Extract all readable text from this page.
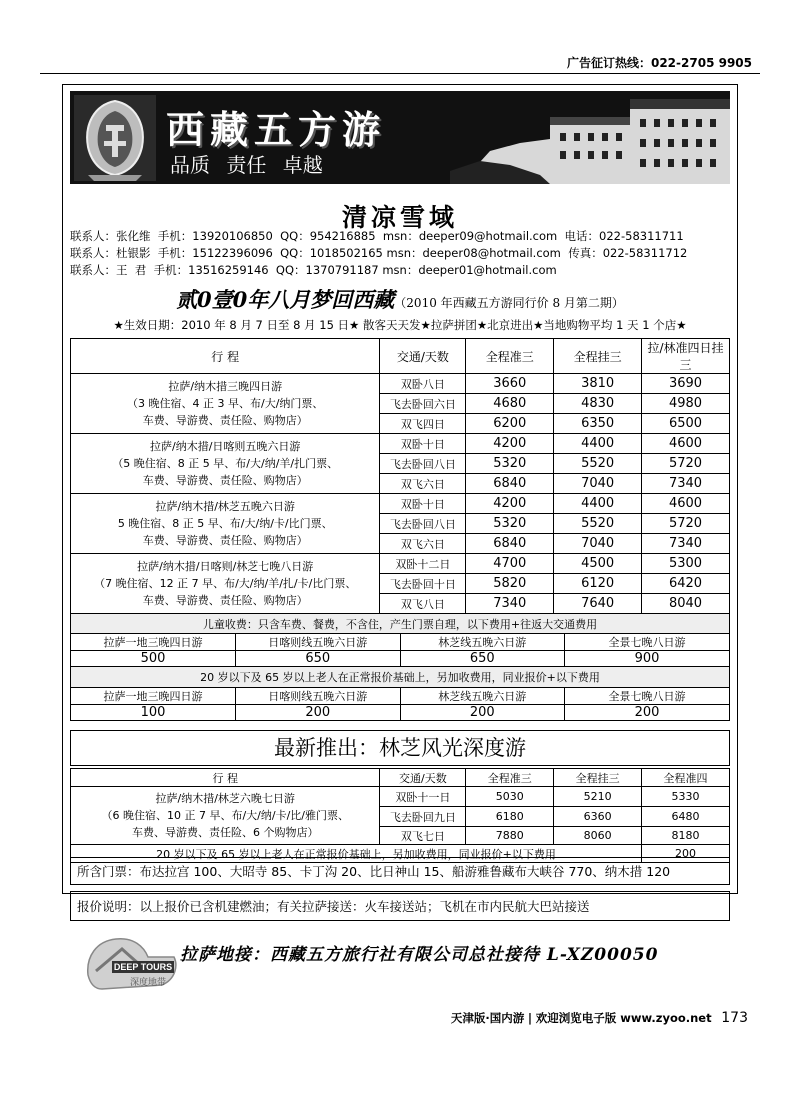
广告征订热线：022-2705 9905
西藏五方游
品质 责任 卓越
清凉雪域
联系人：张化维  手机：13920106850  QQ：954216885  msn：deeper09@hotmail.com  电话：022-58311711
联系人：杜银影  手机：15122396096  QQ：1018502165 msn：deeper08@hotmail.com  传真：022-58311712
联系人：王  君  手机：13516259146  QQ：1370791187 msn：deeper01@hotmail.com
贰0壹0年八月梦回西藏（2010 年西藏五方游同行价 8 月第二期）
★生效日期：2010 年 8 月 7 日至 8 月 15 日★ 散客天天发★拉萨拼团★北京进出★当地购物平均 1 天 1 个店★
行 程	交通/天数	全程准三	全程挂三	拉/林准四日挂三

拉萨/纳木措三晚四日游
（3 晚住宿、4 正 3 早、布/大/纳门票、
车费、导游费、责任险、购物店）
	双卧八日	3660	3810	3690
飞去卧回六日	4680	4830	4980
双飞四日	6200	6350	6500

拉萨/纳木措/日喀则五晚六日游
（5 晚住宿、8 正 5 早、布/大/纳/羊/扎门票、
车费、导游费、责任险、购物店）
	双卧十日	4200	4400	4600
飞去卧回八日	5320	5520	5720
双飞六日	6840	7040	7340

拉萨/纳木措/林芝五晚六日游
5 晚住宿、8 正 5 早、布/大/纳/卡/比门票、
车费、导游费、责任险、购物店）
	双卧十日	4200	4400	4600
飞去卧回八日	5320	5520	5720
双飞六日	6840	7040	7340

拉萨/纳木措/日喀则/林芝七晚八日游
（7 晚住宿、12 正 7 早、布/大/纳/羊/扎/卡/比门票、
车费、导游费、责任险、购物店）
	双卧十二日	4700	4500	5300
飞去卧回十日	5820	6120	6420
双飞八日	7340	7640	8040
儿童收费：只含车费、餐费，不含住，产生门票自理，以下费用+往返大交通费用

拉萨一地三晚四日游	日喀则线五晚六日游	林芝线五晚六日游	全景七晚八日游
500	650	650	900
20 岁以下及 65 岁以上老人在正常报价基础上，另加收费用，同业报价+以下费用
拉萨一地三晚四日游	日喀则线五晚六日游	林芝线五晚六日游	全景七晚八日游
100	200	200	200
最新推出：林芝风光深度游
行 程	交通/天数	全程准三	全程挂三	全程准四

拉萨/纳木措/林芝六晚七日游
（6 晚住宿、10 正 7 早、布/大/纳/卡/比/雅门票、
车费、导游费、责任险、6 个购物店）	双卧十一日	5030	5210	5330
	飞去卧回九日	6180	6360	6480
	双飞七日	7880	8060	8180
20 岁以下及 65 岁以上老人在正常报价基础上，另加收费用，同业报价+以下费用				200
所含门票：布达拉宫 100、大昭寺 85、卡丁沟 20、比日神山 15、船游雅鲁藏布大峡谷 770、纳木措 120
报价说明：以上报价已含机建燃油；有关拉萨接送：火车接送站；飞机在市内民航大巴站接送
DEEP TOURS
深度地带
拉萨地接：西藏五方旅行社有限公司总社接待 L-XZ00050
天津版·国内游 | 欢迎浏览电子版 www.zyoo.net 173
